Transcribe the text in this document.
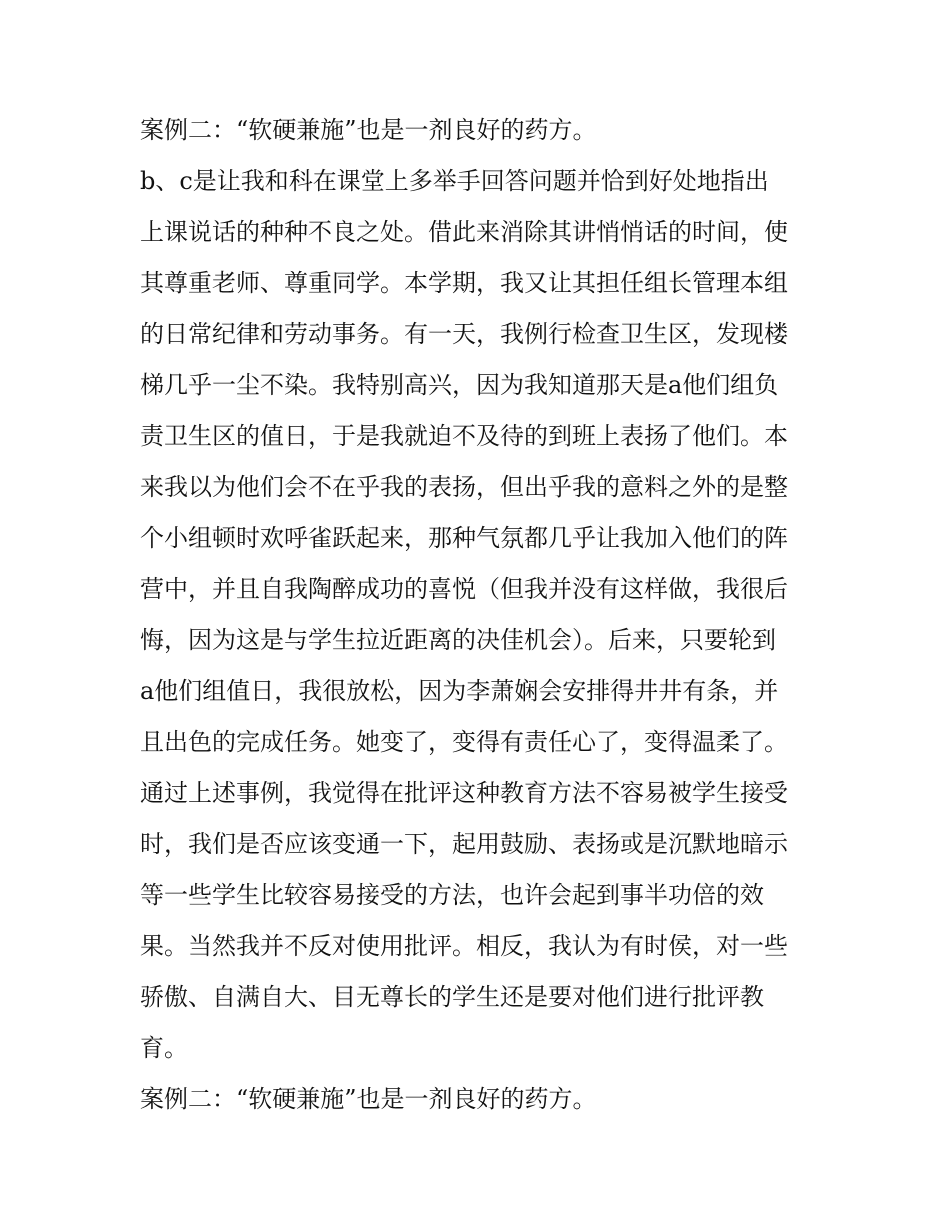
案例二：“软硬兼施”也是一剂良好的药方。
b、c是让我和科在课堂上多举手回答问题并恰到好处地指出
上课说话的种种不良之处。借此来消除其讲悄悄话的时间，使
其尊重老师、尊重同学。本学期，我又让其担任组长管理本组
的日常纪律和劳动事务。有一天，我例行检查卫生区，发现楼
梯几乎一尘不染。我特别高兴，因为我知道那天是a他们组负
责卫生区的值日，于是我就迫不及待的到班上表扬了他们。本
来我以为他们会不在乎我的表扬，但出乎我的意料之外的是整
个小组顿时欢呼雀跃起来，那种气氛都几乎让我加入他们的阵
营中，并且自我陶醉成功的喜悦（但我并没有这样做，我很后
悔，因为这是与学生拉近距离的决佳机会）。后来，只要轮到
a他们组值日，我很放松，因为李萧娴会安排得井井有条，并
且出色的完成任务。她变了，变得有责任心了，变得温柔了。
通过上述事例，我觉得在批评这种教育方法不容易被学生接受
时，我们是否应该变通一下，起用鼓励、表扬或是沉默地暗示
等一些学生比较容易接受的方法，也许会起到事半功倍的效
果。当然我并不反对使用批评。相反，我认为有时侯，对一些
骄傲、自满自大、目无尊长的学生还是要对他们进行批评教
育。
案例二：“软硬兼施”也是一剂良好的药方。
